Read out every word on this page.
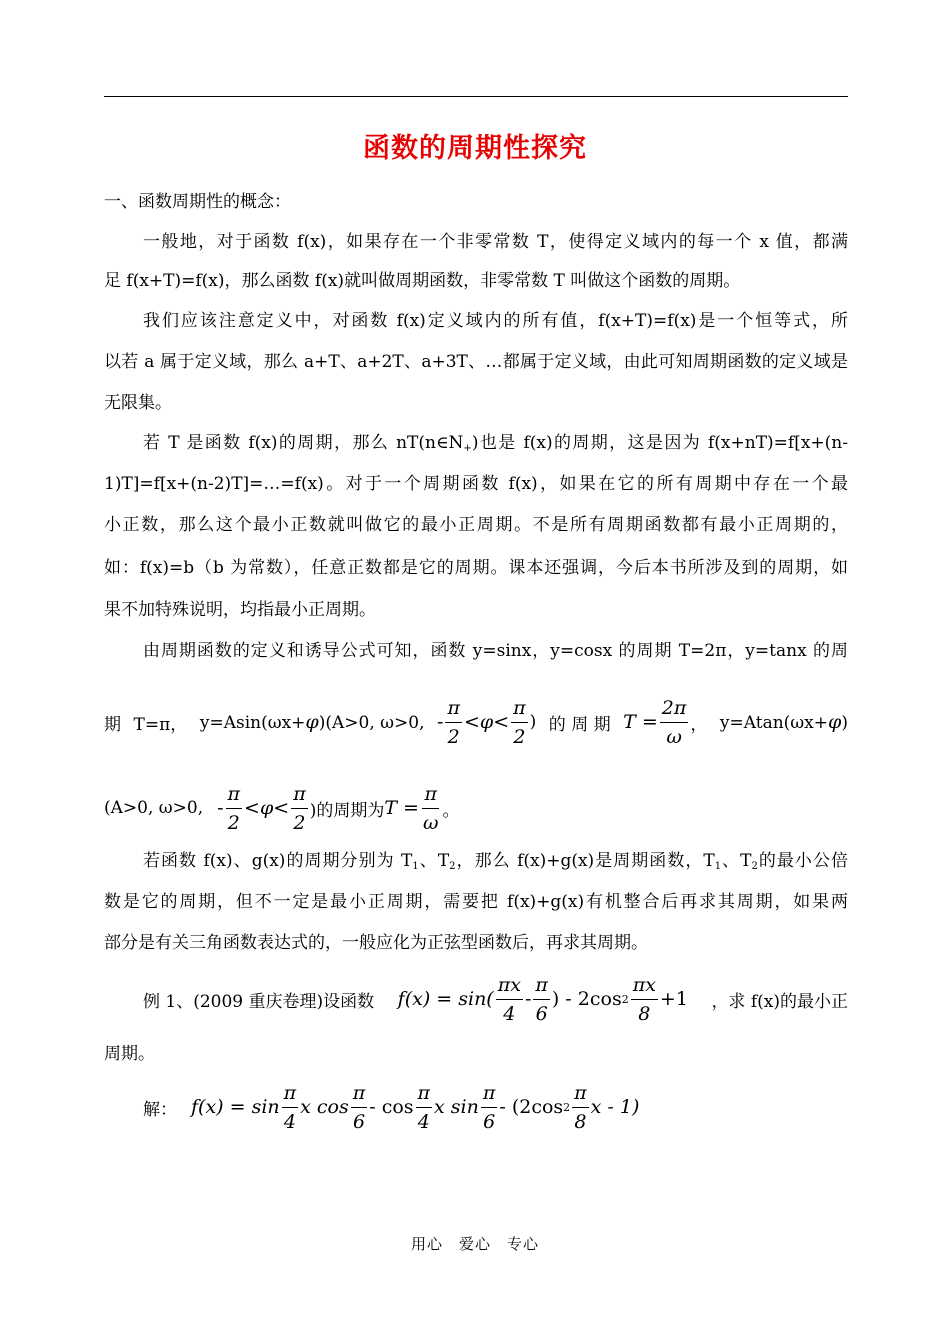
函数的周期性探究
一、函数周期性的概念：
一般地，对于函数 f(x)，如果存在一个非零常数 T，使得定义域内的每一个 x 值，都满
足 f(x+T)=f(x)，那么函数 f(x)就叫做周期函数，非零常数 T 叫做这个函数的周期。
我们应该注意定义中，对函数 f(x)定义域内的所有值，f(x+T)=f(x)是一个恒等式，所
以若 a 属于定义域，那么 a+T、a+2T、a+3T、…都属于定义域，由此可知周期函数的定义域是
无限集。
若 T 是函数 f(x)的周期，那么 $nT(n\in N_+)$也是 f(x)的周期，这是因为 f(x+nT)=f[x+(n-
1)T]=f[x+(n-2)T]=…=f(x)。对于一个周期函数 f(x)，如果在它的所有周期中存在一个最
小正数，那么这个最小正数就叫做它的最小正周期。不是所有周期函数都有最小正周期的，
如：f(x)=b（b 为常数），任意正数都是它的周期。课本还强调，今后本书所涉及到的周期，如
果不加特殊说明，均指最小正周期。
由周期函数的定义和诱导公式可知，函数 y=sinx，y=cosx 的周期 T=2π，y=tanx 的周
期 T=π， y=Asin(ωx+φ)(A>0, ω>0, - $\frac{\pi}{2} < \varphi < \frac{\pi}{2}$ ) 的 周 期 $T = \frac{2\pi}{\omega}$ ， y=Atan(ωx+φ)
(A>0, ω>0, - $\frac{\pi}{2} < \varphi < \frac{\pi}{2}$ )的周期为 $T = \frac{\pi}{\omega}$ 。
若函数 f(x)、g(x)的周期分别为 $T_1$、$T_2$，那么 f(x)+g(x)是周期函数，$T_1$、$T_2$的最小公倍
数是它的周期，但不一定是最小正周期，需要把 f(x)+g(x)有机整合后再求其周期，如果两
部分是有关三角函数表达式的，一般应化为正弦型函数后，再求其周期。
例 1、(2009 重庆卷理)设函数 $f(x) = \sin( \frac{\pi x}{4} - \frac{\pi}{6}$ ) - 2cos $2 \frac{\pi x}{8} +1$ ，求 f(x)的最小正
周期。
解： $f(x) = \sin \frac{\pi}{4}$ x $\cos \frac{\pi}{6}$ - $\cos \frac{\pi}{4}$ x $\sin \frac{\pi}{6} - (2\cos$ $2 \frac{\pi}{8}$ x - 1)
用心　爱心　专心
